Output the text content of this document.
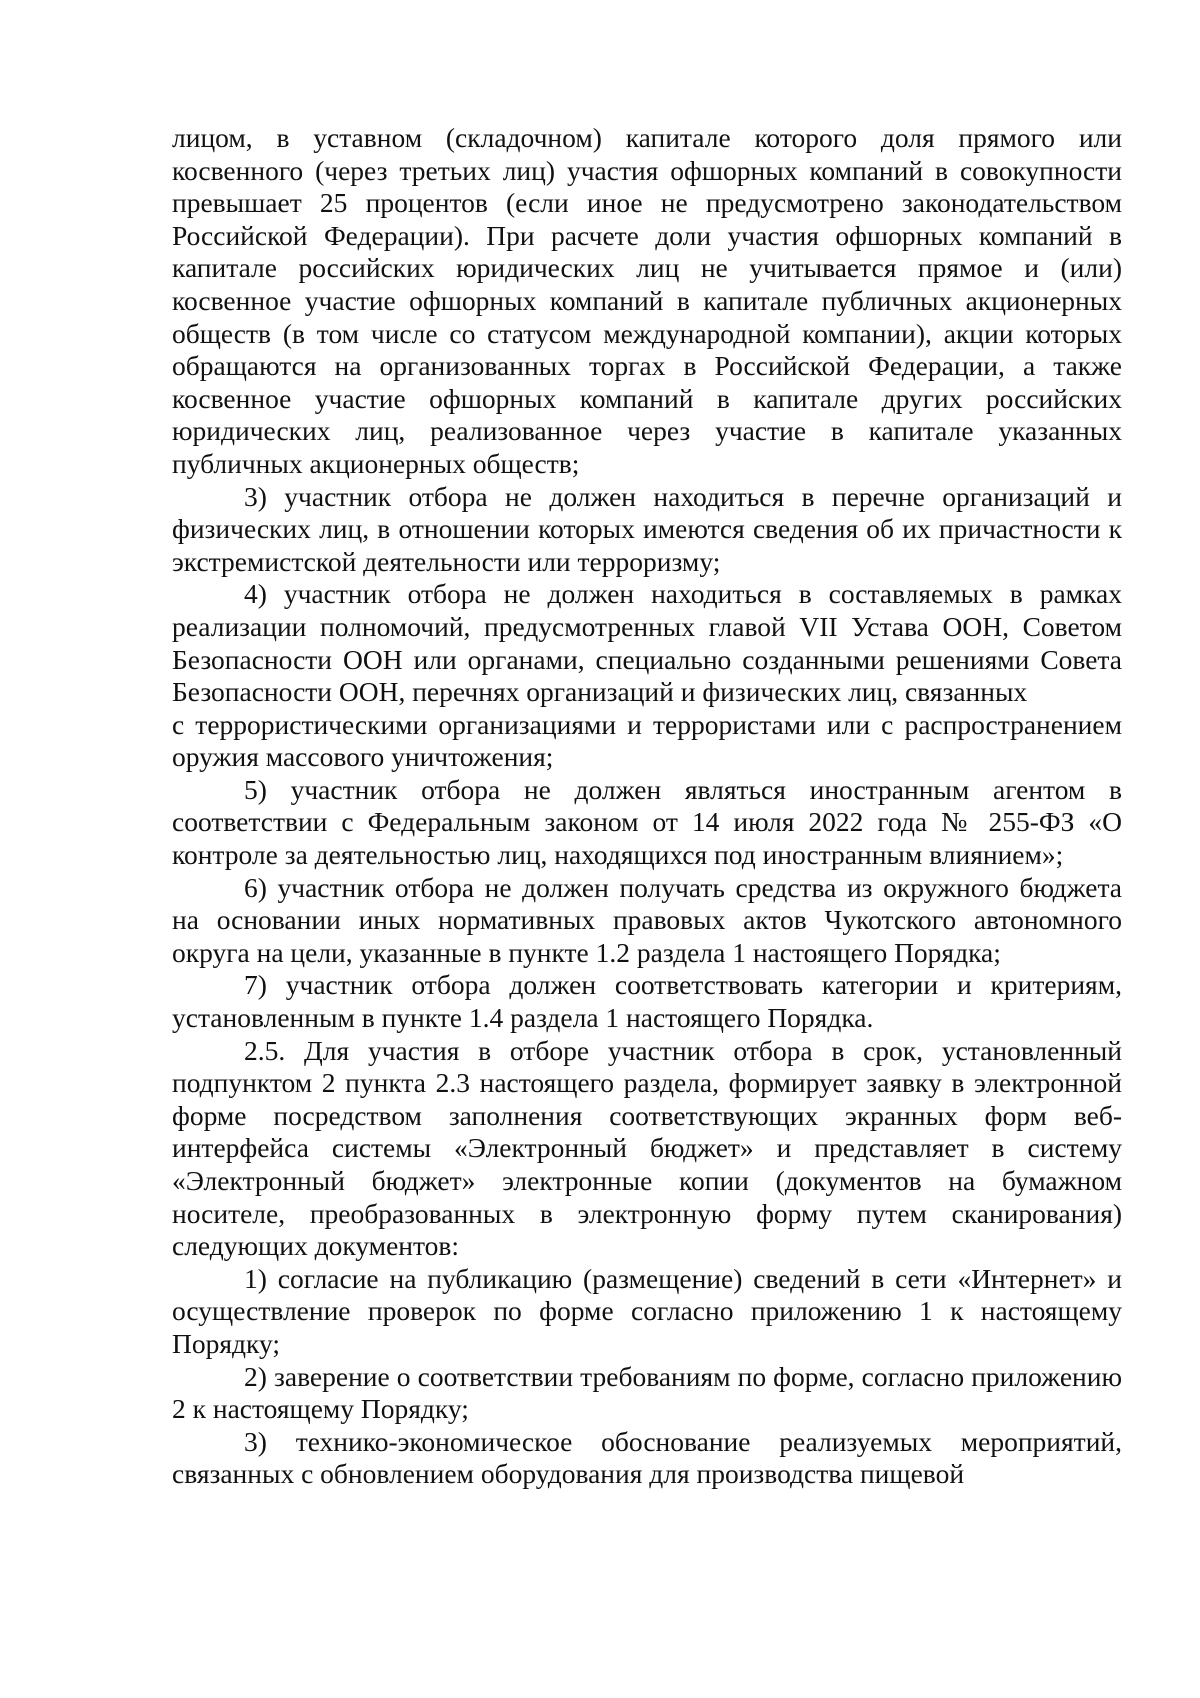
лицом, в уставном (складочном) капитале которого доля прямого или косвенного (через третьих лиц) участия офшорных компаний в совокупности превышает 25 процентов (если иное не предусмотрено законодательством Российской Федерации). При расчете доли участия офшорных компаний в капитале российских юридических лиц не учитывается прямое и (или) косвенное участие офшорных компаний в капитале публичных акционерных обществ (в том числе со статусом международной компании), акции которых обращаются на организованных торгах в Российской Федерации, а также косвенное участие офшорных компаний в капитале других российских юридических лиц, реализованное через участие в капитале указанных публичных акционерных обществ;

3) участник отбора не должен находиться в перечне организаций и физических лиц, в отношении которых имеются сведения об их причастности к экстремистской деятельности или терроризму;

4) участник отбора не должен находиться в составляемых в рамках реализации полномочий, предусмотренных главой VII Устава ООН, Советом Безопасности ООН или органами, специально созданными решениями Совета Безопасности ООН, перечнях организаций и физических лиц, связанных

с террористическими организациями и террористами или с распространением оружия массового уничтожения;

5) участник отбора не должен являться иностранным агентом в соответствии с Федеральным законом от 14 июля 2022 года № 255-ФЗ «О контроле за деятельностью лиц, находящихся под иностранным влиянием»;

6) участник отбора не должен получать средства из окружного бюджета на основании иных нормативных правовых актов Чукотского автономного округа на цели, указанные в пункте 1.2 раздела 1 настоящего Порядка;

7) участник отбора должен соответствовать категории и критериям, установленным в пункте 1.4 раздела 1 настоящего Порядка.

2.5. Для участия в отборе участник отбора в срок, установленный подпунктом 2 пункта 2.3 настоящего раздела, формирует заявку в электронной форме посредством заполнения соответствующих экранных форм веб-интерфейса системы «Электронный бюджет» и представляет в систему «Электронный бюджет» электронные копии (документов на бумажном носителе, преобразованных в электронную форму путем сканирования) следующих документов:

1) согласие на публикацию (размещение) сведений в сети «Интернет» и осуществление проверок по форме согласно приложению 1 к настоящему Порядку;

2) заверение о соответствии требованиям по форме, согласно приложению 2 к настоящему Порядку;

3) технико-экономическое обоснование реализуемых мероприятий, связанных с обновлением оборудования для производства пищевой
